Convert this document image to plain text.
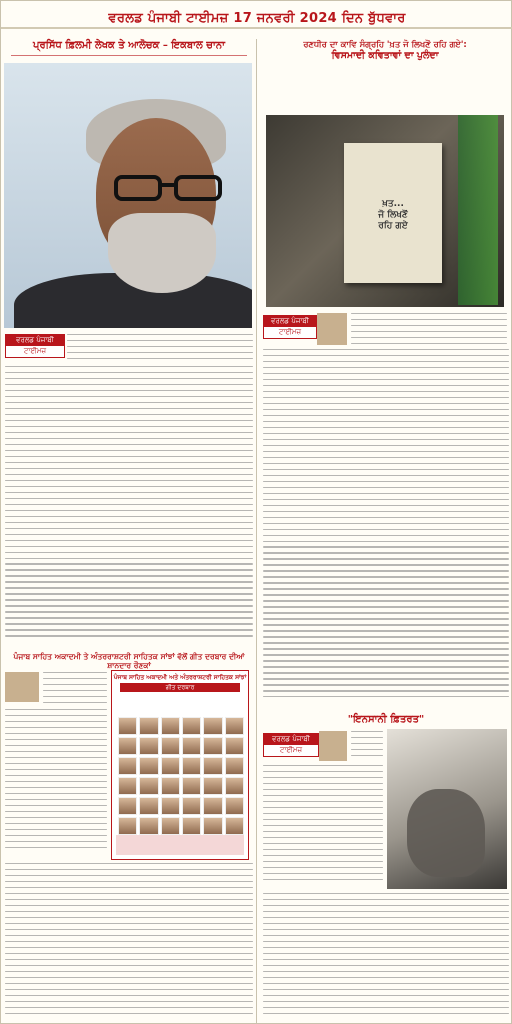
ਵਰਲਡ ਪੰਜਾਬੀ ਟਾਈਮਜ਼ 17 ਜਨਵਰੀ 2024 ਦਿਨ ਬੁੱਧਵਾਰ
ਪ੍ਰਸਿੱਧ ਫ਼ਿਲਮੀ ਲੇਖਕ ਤੇ ਆਲੋਚਕ – ਇਕਬਾਲ ਚਾਨਾ
ਵਰਲਡ ਪੰਜਾਬੀ
ਟਾਈਮਜ਼
ਪੰਜਾਬ ਸਾਹਿਤ ਅਕਾਦਮੀ ਤੇ ਅੰਤਰਰਾਸ਼ਟਰੀ ਸਾਹਿਤਕ ਸਾਂਝਾਂ ਵੱਲੋਂ ਗੀਤ ਦਰਬਾਰ ਦੀਆਂ ਸ਼ਾਨਦਾਰ ਰੌਣਕਾਂ
ਪੰਜਾਬ ਸਾਹਿਤ ਅਕਾਦਮੀ ਅਤੇ ਅੰਤਰਰਾਸ਼ਟਰੀ ਸਾਹਿਤਕ ਸਾਂਝਾਂ
ਗੀਤ ਦਰਬਾਰ
ਰਣਧੀਰ ਦਾ ਕਾਵਿ ਸੰਗ੍ਰਹਿ 'ਖ਼ਤ ਜੋ ਲਿਖਣੋਂ ਰਹਿ ਗਏ':
ਵਿਸਮਾਦੀ ਕਵਿਤਾਵਾਂ ਦਾ ਪੁਲੰਦਾ
ਖ਼ਤ...
ਜੋ ਲਿਖਣੋਂ
ਰਹਿ ਗਏ
ਵਰਲਡ ਪੰਜਾਬੀ
ਟਾਈਮਜ਼
"ਇਨਸਾਨੀ ਫ਼ਿਤਰਤ"
ਵਰਲਡ ਪੰਜਾਬੀ
ਟਾਈਮਜ਼
